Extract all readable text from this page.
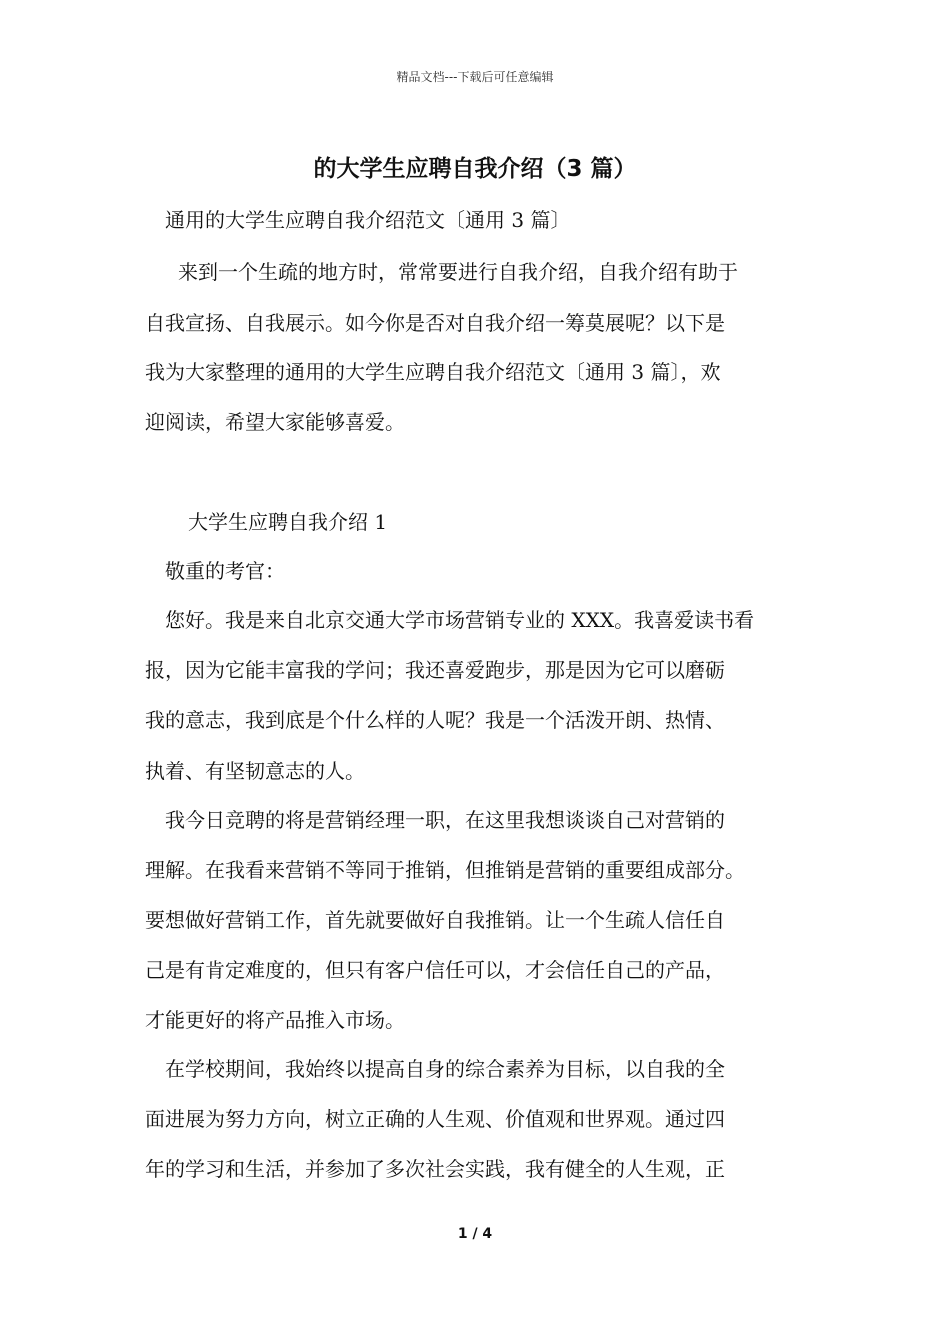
精品文档---下载后可任意编辑
的大学生应聘自我介绍（3 篇）
通用的大学生应聘自我介绍范文〔通用 3 篇〕
来到一个生疏的地方时，常常要进行自我介绍，自我介绍有助于
自我宣扬、自我展示。如今你是否对自我介绍一筹莫展呢？以下是
我为大家整理的通用的大学生应聘自我介绍范文〔通用 3 篇〕，欢
迎阅读，希望大家能够喜爱。
大学生应聘自我介绍 1
敬重的考官：
您好。我是来自北京交通大学市场营销专业的 XXX。我喜爱读书看
报，因为它能丰富我的学问；我还喜爱跑步，那是因为它可以磨砺
我的意志，我到底是个什么样的人呢？我是一个活泼开朗、热情、
执着、有坚韧意志的人。
我今日竞聘的将是营销经理一职，在这里我想谈谈自己对营销的
理解。在我看来营销不等同于推销，但推销是营销的重要组成部分。
要想做好营销工作，首先就要做好自我推销。让一个生疏人信任自
己是有肯定难度的，但只有客户信任可以，才会信任自己的产品，
才能更好的将产品推入市场。
在学校期间，我始终以提高自身的综合素养为目标，以自我的全
面进展为努力方向，树立正确的人生观、价值观和世界观。通过四
年的学习和生活，并参加了多次社会实践，我有健全的人生观，正
1 / 4
